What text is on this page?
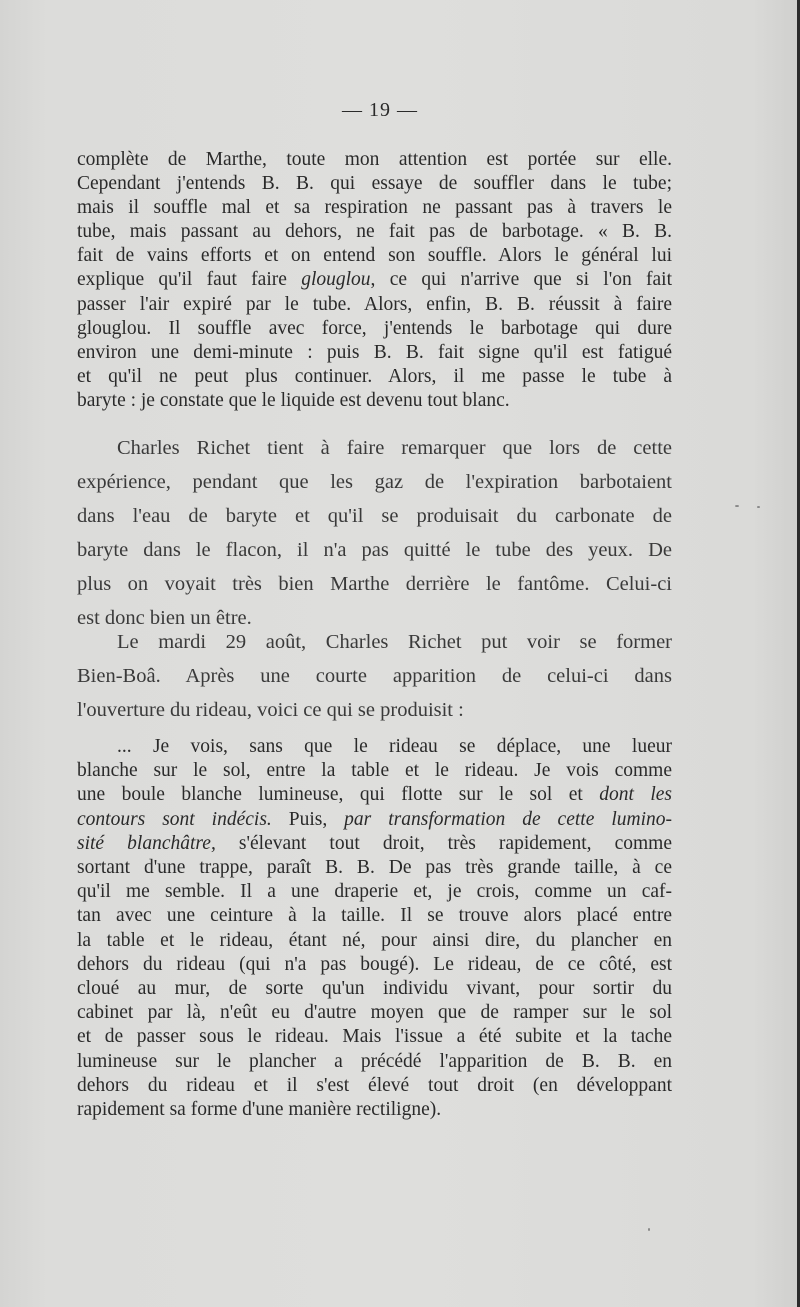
— 19 —

complète de Marthe, toute mon attention est portée sur elle.
Cependant j'entends B. B. qui essaye de souffler dans le tube;
mais il souffle mal et sa respiration ne passant pas à travers le
tube, mais passant au dehors, ne fait pas de barbotage. « B. B.
fait de vains efforts et on entend son souffle. Alors le général lui
explique qu'il faut faire glouglou, ce qui n'arrive que si l'on fait
passer l'air expiré par le tube. Alors, enfin, B. B. réussit à faire
glouglou. Il souffle avec force, j'entends le barbotage qui dure
environ une demi-minute : puis B. B. fait signe qu'il est fatigué
et qu'il ne peut plus continuer. Alors, il me passe le tube à
baryte : je constate que le liquide est devenu tout blanc.

Charles Richet tient à faire remarquer que lors de cette
expérience, pendant que les gaz de l'expiration barbotaient
dans l'eau de baryte et qu'il se produisait du carbonate de
baryte dans le flacon, il n'a pas quitté le tube des yeux. De
plus on voyait très bien Marthe derrière le fantôme. Celui-ci
est donc bien un être.

Le mardi 29 août, Charles Richet put voir se former
Bien-Boâ. Après une courte apparition de celui-ci dans
l'ouverture du rideau, voici ce qui se produisit :

... Je vois, sans que le rideau se déplace, une lueur
blanche sur le sol, entre la table et le rideau. Je vois comme
une boule blanche lumineuse, qui flotte sur le sol et dont les
contours sont indécis. Puis, par transformation de cette lumino-
sité blanchâtre, s'élevant tout droit, très rapidement, comme
sortant d'une trappe, paraît B. B. De pas très grande taille, à ce
qu'il me semble. Il a une draperie et, je crois, comme un caf-
tan avec une ceinture à la taille. Il se trouve alors placé entre
la table et le rideau, étant né, pour ainsi dire, du plancher en
dehors du rideau (qui n'a pas bougé). Le rideau, de ce côté, est
cloué au mur, de sorte qu'un individu vivant, pour sortir du
cabinet par là, n'eût eu d'autre moyen que de ramper sur le sol
et de passer sous le rideau. Mais l'issue a été subite et la tache
lumineuse sur le plancher a précédé l'apparition de B. B. en
dehors du rideau et il s'est élevé tout droit (en développant
rapidement sa forme d'une manière rectiligne).
